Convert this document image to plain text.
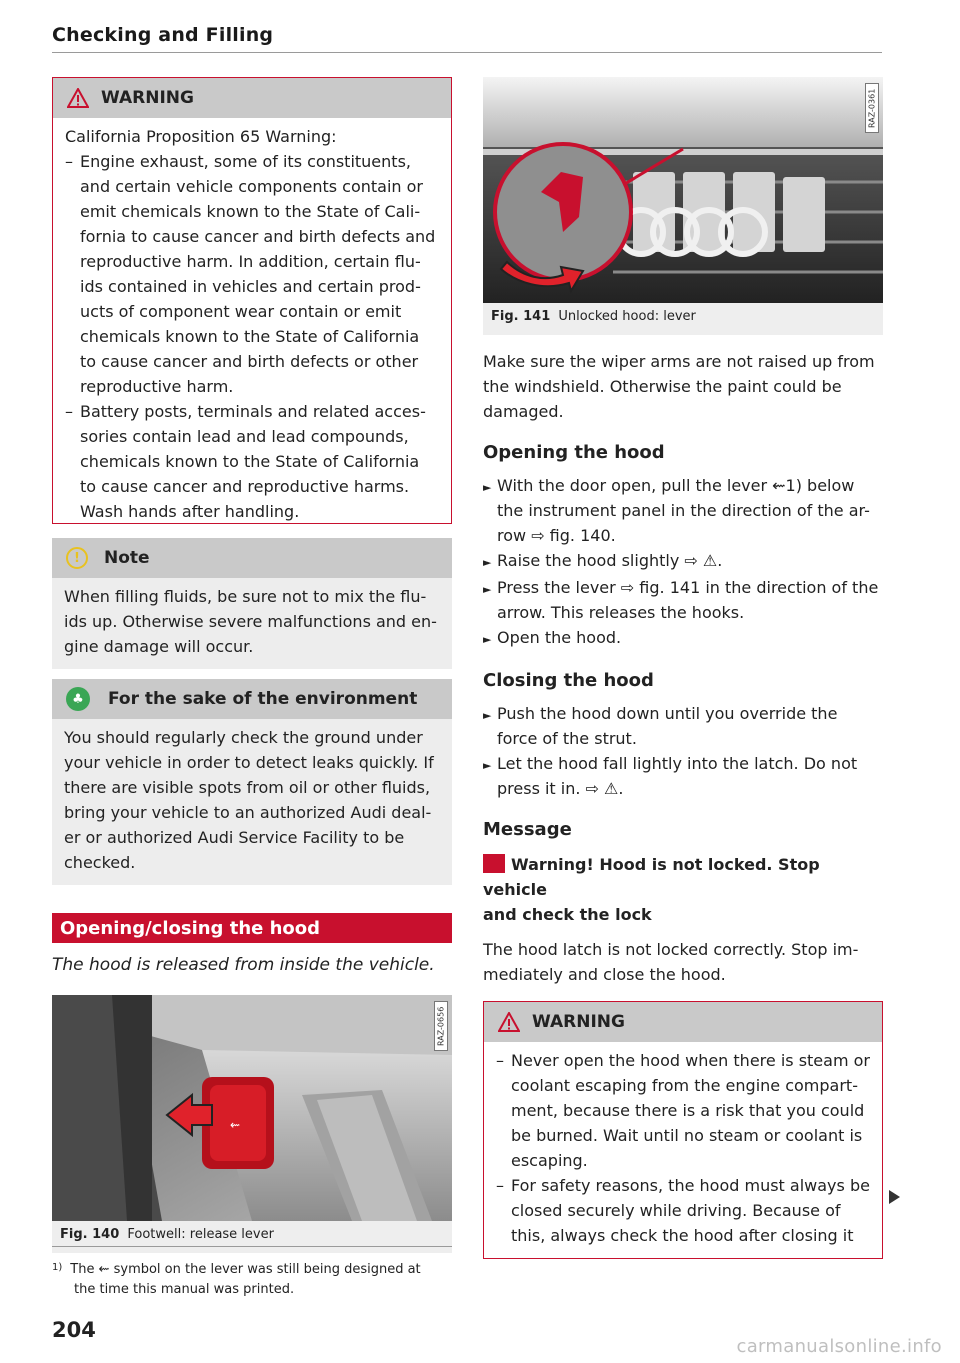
Checking and Filling
WARNING
California Proposition 65 Warning:
– Engine exhaust, some of its constituents,
and certain vehicle components contain or
emit chemicals known to the State of Cali-
fornia to cause cancer and birth defects and
reproductive harm. In addition, certain flu-
ids contained in vehicles and certain prod-
ucts of component wear contain or emit
chemicals known to the State of California
to cause cancer and birth defects or other
reproductive harm.
– Battery posts, terminals and related acces-
sories contain lead and lead compounds,
chemicals known to the State of California
to cause cancer and reproductive harms.
Wash hands after handling.
!	Note
When filling fluids, be sure not to mix the flu-
ids up. Otherwise severe malfunctions and en-
gine damage will occur.
♣	For the sake of the environment
You should regularly check the ground under
your vehicle in order to detect leaks quickly. If
there are visible spots from oil or other fluids,
bring your vehicle to an authorized Audi deal-
er or authorized Audi Service Facility to be
checked.
Opening/closing the hood
The hood is released from inside the vehicle.
⇜
RAZ-0656
Fig. 140 Footwell: release lever
$^{1)}$ The ⇜ symbol on the lever was still being designed at
the time this manual was printed.
204
RAZ-0361
Fig. 141 Unlocked hood: lever
Make sure the wiper arms are not raised up from
the windshield. Otherwise the paint could be
damaged.
Opening the hood
► With the door open, pull the lever ⇜1) below
the instrument panel in the direction of the ar-
row ⇨ fig. 140.
► Raise the hood slightly ⇨ ⚠.
► Press the lever ⇨ fig. 141 in the direction of the
arrow. This releases the hooks.
► Open the hood.
Closing the hood
► Push the hood down until you override the
force of the strut.
► Let the hood fall lightly into the latch. Do not
press it in. ⇨ ⚠.
Message
Warning! Hood is not locked. Stop vehicle
and check the lock
The hood latch is not locked correctly. Stop im-
mediately and close the hood.
WARNING
– Never open the hood when there is steam or
coolant escaping from the engine compart-
ment, because there is a risk that you could
be burned. Wait until no steam or coolant is
escaping.
– For safety reasons, the hood must always be
closed securely while driving. Because of
this, always check the hood after closing it
carmanualsonline.info
